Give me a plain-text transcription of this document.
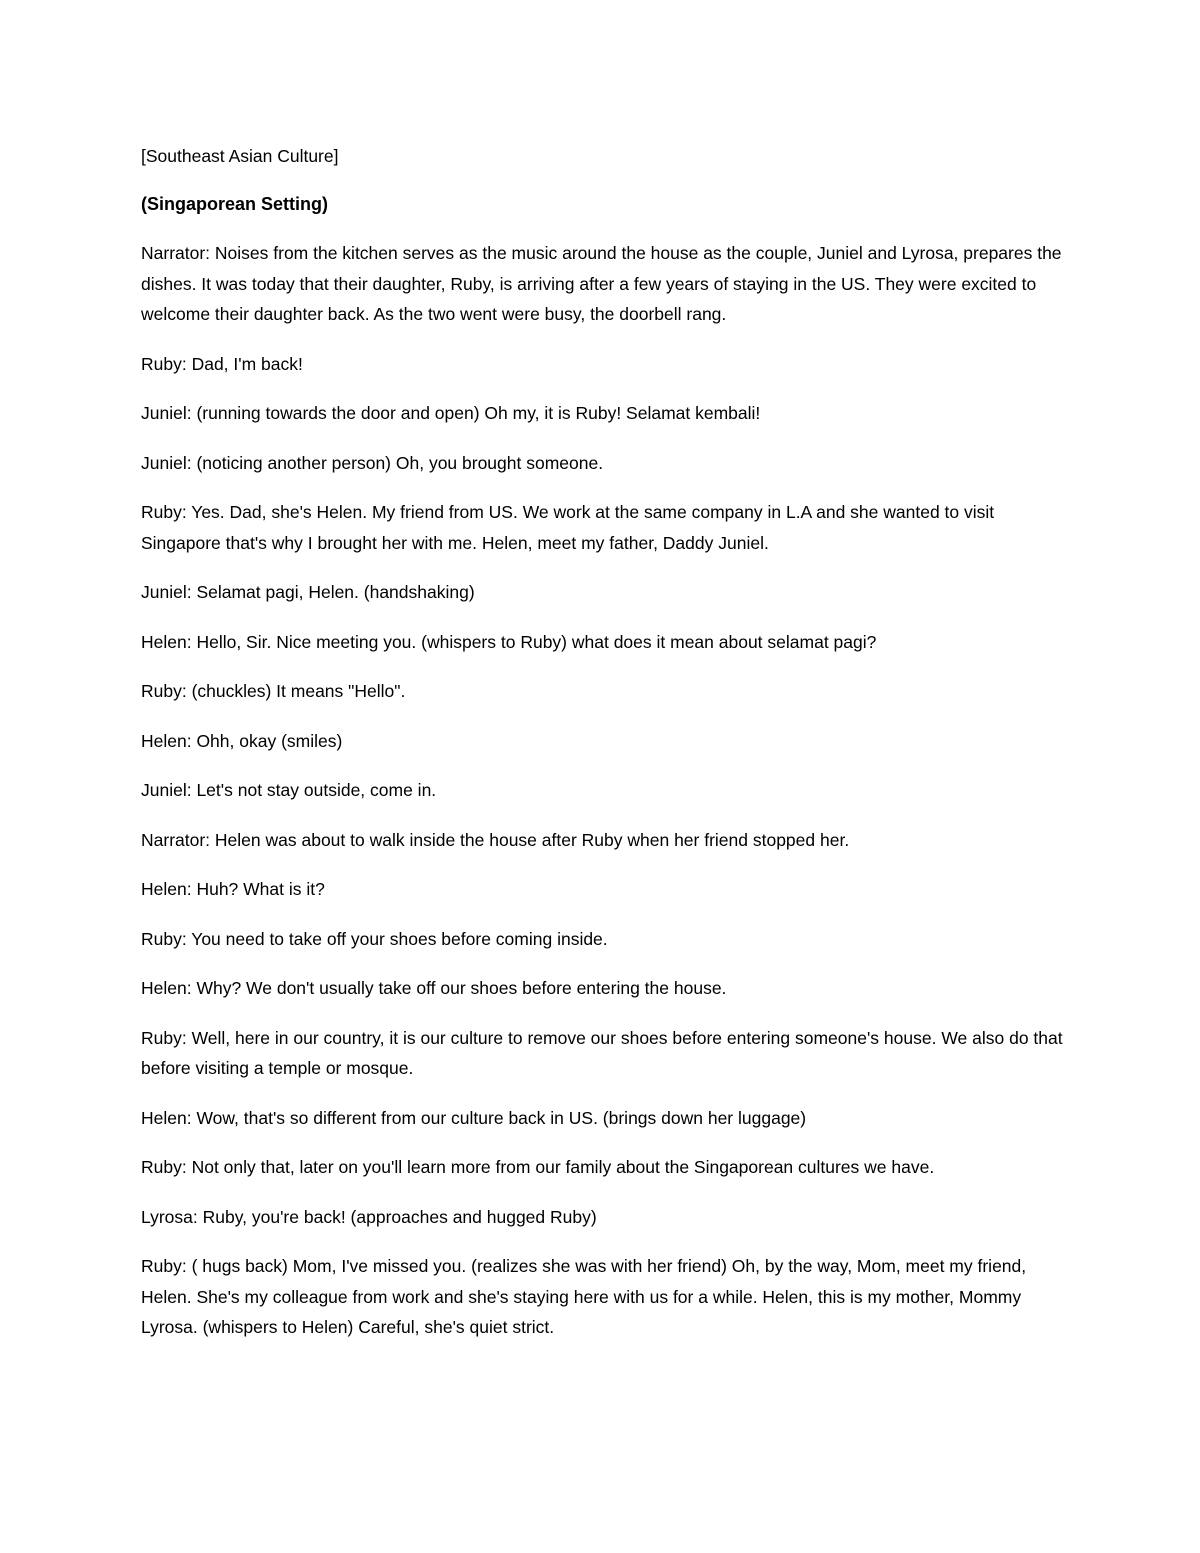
[Southeast Asian Culture]

(Singaporean Setting)

Narrator: Noises from the kitchen serves as the music around the house as the couple, Juniel and Lyrosa, prepares the dishes. It was today that their daughter, Ruby, is arriving after a few years of staying in the US. They were excited to welcome their daughter back. As the two went were busy, the doorbell rang.

Ruby: Dad, I'm back!

Juniel: (running towards the door and open) Oh my, it is Ruby! Selamat kembali!

Juniel: (noticing another person) Oh, you brought someone.

Ruby: Yes. Dad, she's Helen. My friend from US. We work at the same company in L.A and she wanted to visit Singapore that's why I brought her with me. Helen, meet my father, Daddy Juniel.

Juniel: Selamat pagi, Helen. (handshaking)

Helen: Hello, Sir. Nice meeting you. (whispers to Ruby) what does it mean about selamat pagi?

Ruby: (chuckles) It means "Hello".

Helen: Ohh, okay (smiles)

Juniel: Let's not stay outside, come in.

Narrator: Helen was about to walk inside the house after Ruby when her friend stopped her.

Helen: Huh? What is it?

Ruby: You need to take off your shoes before coming inside.

Helen: Why? We don't usually take off our shoes before entering the house.

Ruby: Well, here in our country, it is our culture to remove our shoes before entering someone's house. We also do that before visiting a temple or mosque.

Helen: Wow, that's so different from our culture back in US. (brings down her luggage)

Ruby: Not only that, later on you'll learn more from our family about the Singaporean cultures we have.

Lyrosa: Ruby, you're back! (approaches and hugged Ruby)

Ruby: ( hugs back) Mom, I've missed you. (realizes she was with her friend) Oh, by the way, Mom, meet my friend, Helen. She's my colleague from work and she's staying here with us for a while. Helen, this is my mother, Mommy Lyrosa. (whispers to Helen) Careful, she's quiet strict.
